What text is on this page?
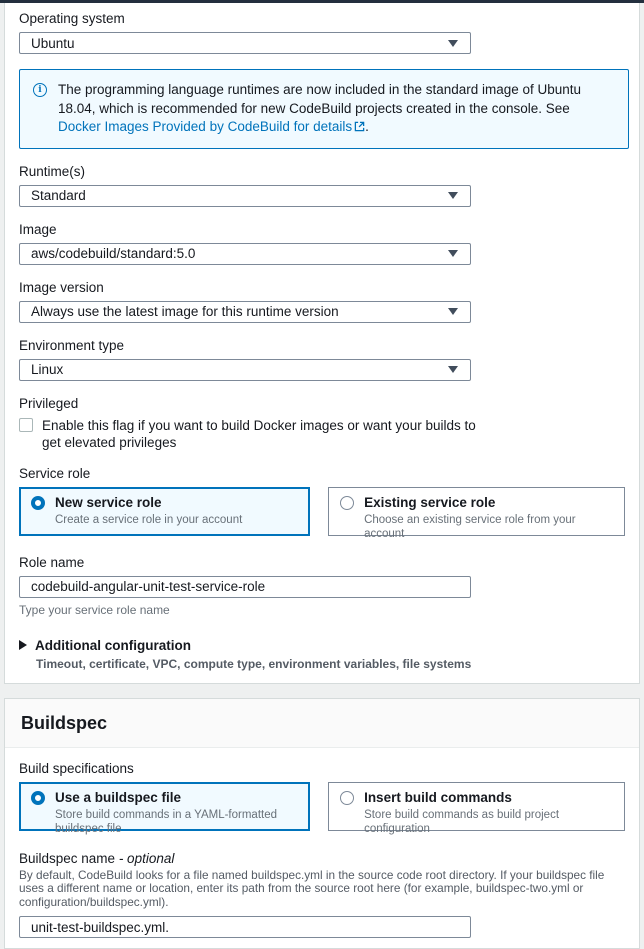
Operating system
Ubuntu
i
The programming language runtimes are now included in the standard image of Ubuntu 18.04, which is recommended for new CodeBuild projects created in the console. See Docker Images Provided by CodeBuild for details .
Runtime(s)
Standard
Image
aws/codebuild/standard:5.0
Image version
Always use the latest image for this runtime version
Environment type
Linux
Privileged
Enable this flag if you want to build Docker images or want your builds to get elevated privileges
Service role
New service role
Create a service role in your account
Existing service role
Choose an existing service role from your account
Role name
codebuild-angular-unit-test-service-role
Type your service role name
Additional configuration
Timeout, certificate, VPC, compute type, environment variables, file systems
Buildspec
Build specifications
Use a buildspec file
Store build commands in a YAML-formatted buildspec file
Insert build commands
Store build commands as build project configuration
Buildspec name - optional
By default, CodeBuild looks for a file named buildspec.yml in the source code root directory. If your buildspec file uses a different name or location, enter its path from the source root here (for example, buildspec-two.yml or configuration/buildspec.yml).
unit-test-buildspec.yml.
